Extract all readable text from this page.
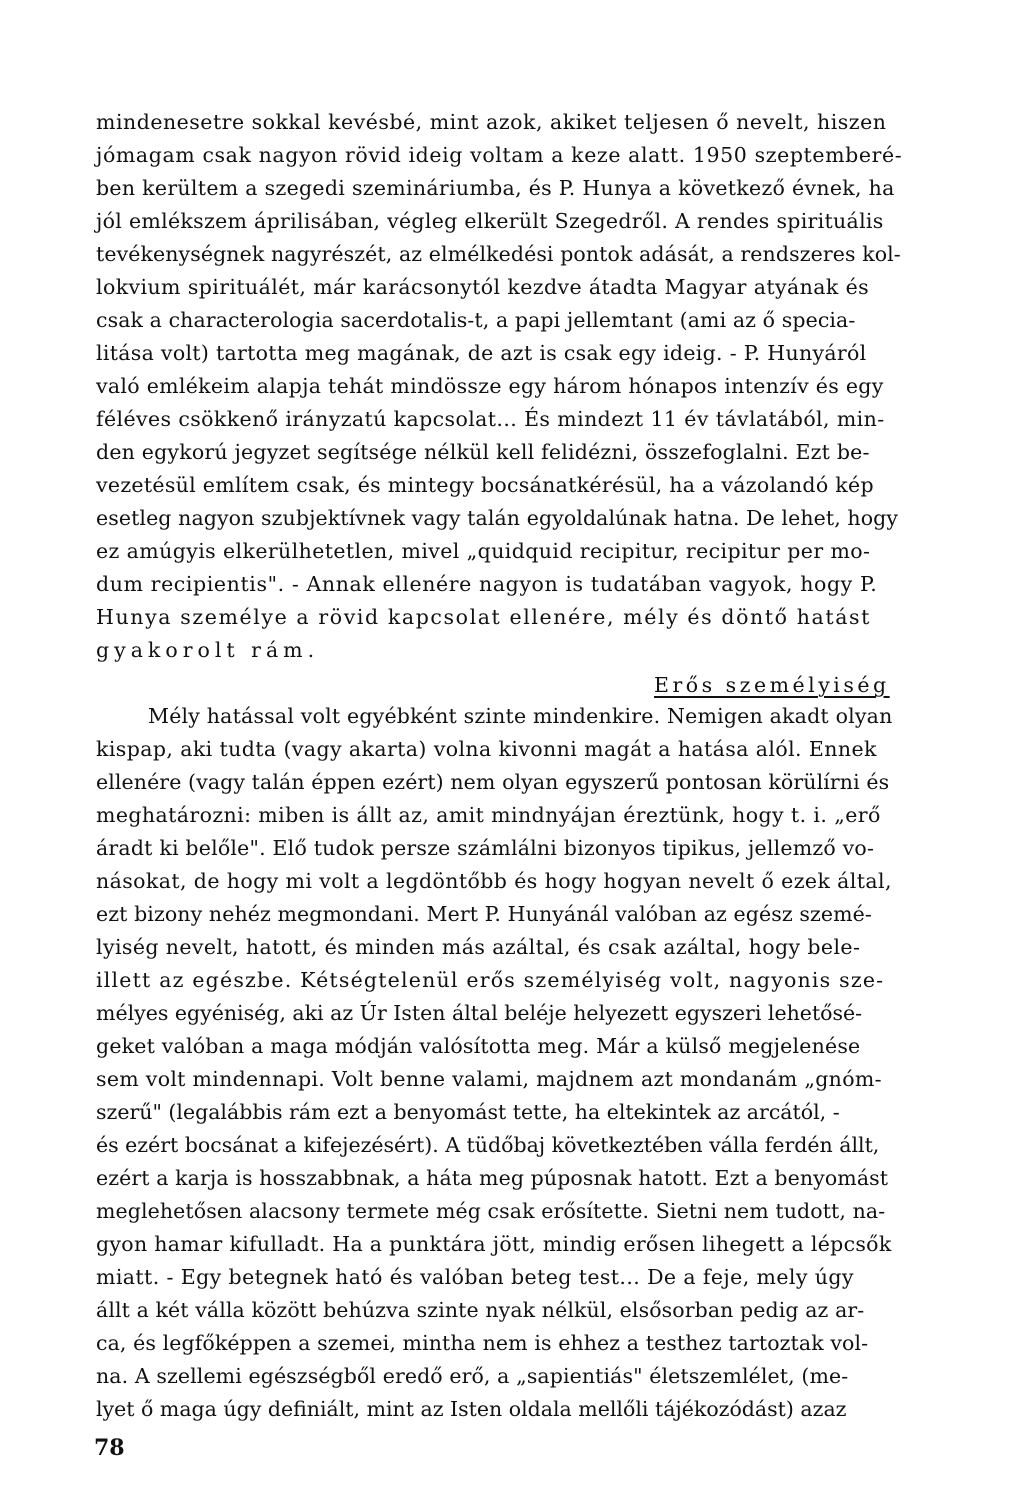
mindenesetre sokkal kevésbé, mint azok, akiket teljesen ő nevelt, hiszen
jómagam csak nagyon rövid ideig voltam a keze alatt. 1950 szeptemberé-
ben kerültem a szegedi szemináriumba, és P. Hunya a következő évnek, ha
jól emlékszem áprilisában, végleg elkerült Szegedről. A rendes spirituális
tevékenységnek nagyrészét, az elmélkedési pontok adását, a rendszeres kol-
lokvium spirituálét, már karácsonytól kezdve átadta Magyar atyának és
csak a characterologia sacerdotalis-t, a papi jellemtant (ami az ő specia-
litása volt) tartotta meg magának, de azt is csak egy ideig. - P. Hunyáról
való emlékeim alapja tehát mindössze egy három hónapos intenzív és egy
féléves csökkenő irányzatú kapcsolat... És mindezt 11 év távlatából, min-
den egykorú jegyzet segítsége nélkül kell felidézni, összefoglalni. Ezt be-
vezetésül említem csak, és mintegy bocsánatkérésül, ha a vázolandó kép
esetleg nagyon szubjektívnek vagy talán egyoldalúnak hatna. De lehet, hogy
ez amúgyis elkerülhetetlen, mivel „quidquid recipitur, recipitur per mo-
dum recipientis". - Annak ellenére nagyon is tudatában vagyok, hogy P.
Hunya személye a rövid kapcsolat ellenére, mély és döntő hatást
gyakorolt rám.
Erős személyiség
Mély hatással volt egyébként szinte mindenkire. Nemigen akadt olyan
kispap, aki tudta (vagy akarta) volna kivonni magát a hatása alól. Ennek
ellenére (vagy talán éppen ezért) nem olyan egyszerű pontosan körülírni és
meghatározni: miben is állt az, amit mindnyájan éreztünk, hogy t. i. „erő
áradt ki belőle". Elő tudok persze számlálni bizonyos tipikus, jellemző vo-
násokat, de hogy mi volt a legdöntőbb és hogy hogyan nevelt ő ezek által,
ezt bizony nehéz megmondani. Mert P. Hunyánál valóban az egész szemé-
lyiség nevelt, hatott, és minden más azáltal, és csak azáltal, hogy bele-
illett az egészbe. Kétségtelenül erős személyiség volt, nagyonis sze-
mélyes egyéniség, aki az Úr Isten által beléje helyezett egyszeri lehetősé-
geket valóban a maga módján valósította meg. Már a külső megjelenése
sem volt mindennapi. Volt benne valami, majdnem azt mondanám „gnóm-
szerű" (legalábbis rám ezt a benyomást tette, ha eltekintek az arcától, -
és ezért bocsánat a kifejezésért). A tüdőbaj következtében válla ferdén állt,
ezért a karja is hosszabbnak, a háta meg púposnak hatott. Ezt a benyomást
meglehetősen alacsony termete még csak erősítette. Sietni nem tudott, na-
gyon hamar kifulladt. Ha a punktára jött, mindig erősen lihegett a lépcsők
miatt. - Egy betegnek ható és valóban beteg test... De a feje, mely úgy
állt a két válla között behúzva szinte nyak nélkül, elsősorban pedig az ar-
ca, és legfőképpen a szemei, mintha nem is ehhez a testhez tartoztak vol-
na. A szellemi egészségből eredő erő, a „sapientiás" életszemlélet, (me-
lyet ő maga úgy definiált, mint az Isten oldala mellőli tájékozódást) azaz
78
